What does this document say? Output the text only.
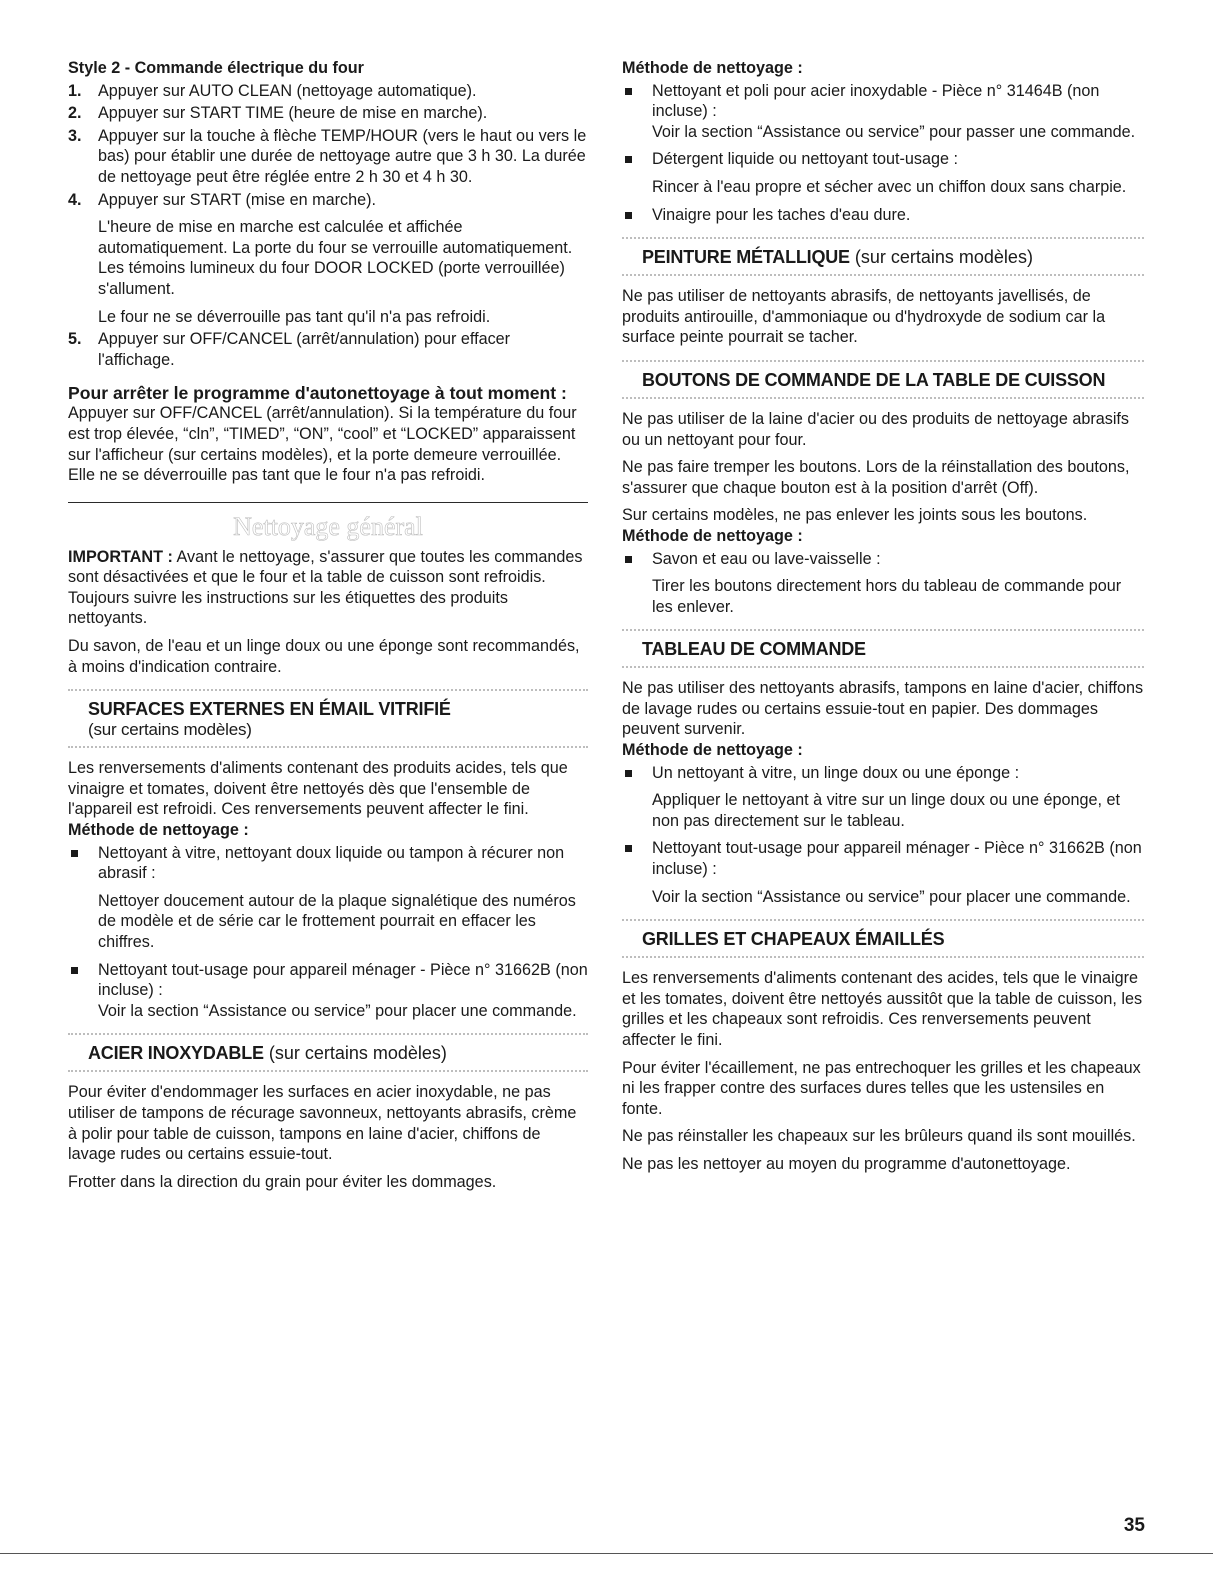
Style 2 - Commande électrique du four
1. Appuyer sur AUTO CLEAN (nettoyage automatique).

2. Appuyer sur START TIME (heure de mise en marche).

3. Appuyer sur la touche à flèche TEMP/HOUR (vers le haut ou vers le bas) pour établir une durée de nettoyage autre que 3 h 30. La durée de nettoyage peut être réglée entre 2 h 30 et 4 h 30.

4. Appuyer sur START (mise en marche).

L'heure de mise en marche est calculée et affichée automatiquement. La porte du four se verrouille automatiquement. Les témoins lumineux du four DOOR LOCKED (porte verrouillée) s'allument.

Le four ne se déverrouille pas tant qu'il n'a pas refroidi.

5. Appuyer sur OFF/CANCEL (arrêt/annulation) pour effacer l'affichage.

Pour arrêter le programme d'autonettoyage à tout moment :

Appuyer sur OFF/CANCEL (arrêt/annulation). Si la température du four est trop élevée, “cln”, “TIMED”, “ON”, “cool” et “LOCKED” apparaissent sur l'afficheur (sur certains modèles), et la porte demeure verrouillée. Elle ne se déverrouille pas tant que le four n'a pas refroidi.

Nettoyage général

IMPORTANT : Avant le nettoyage, s'assurer que toutes les commandes sont désactivées et que le four et la table de cuisson sont refroidis. Toujours suivre les instructions sur les étiquettes des produits nettoyants.

Du savon, de l'eau et un linge doux ou une éponge sont recommandés, à moins d'indication contraire.

SURFACES EXTERNES EN ÉMAIL VITRIFIÉ
(sur certains modèles)

Les renversements d'aliments contenant des produits acides, tels que vinaigre et tomates, doivent être nettoyés dès que l'ensemble de l'appareil est refroidi. Ces renversements peuvent affecter le fini.

Méthode de nettoyage :

Nettoyant à vitre, nettoyant doux liquide ou tampon à récurer non abrasif :

Nettoyer doucement autour de la plaque signalétique des numéros de modèle et de série car le frottement pourrait en effacer les chiffres.

Nettoyant tout-usage pour appareil ménager - Pièce n° 31662B (non incluse) :

Voir la section “Assistance ou service” pour placer une commande.

ACIER INOXYDABLE (sur certains modèles)

Pour éviter d'endommager les surfaces en acier inoxydable, ne pas utiliser de tampons de récurage savonneux, nettoyants abrasifs, crème à polir pour table de cuisson, tampons en laine d'acier, chiffons de lavage rudes ou certains essuie-tout.

Frotter dans la direction du grain pour éviter les dommages.

Méthode de nettoyage :

Nettoyant et poli pour acier inoxydable - Pièce n° 31464B (non incluse) :

Voir la section “Assistance ou service” pour passer une commande.

Détergent liquide ou nettoyant tout-usage :

Rincer à l'eau propre et sécher avec un chiffon doux sans charpie.

Vinaigre pour les taches d'eau dure.

PEINTURE MÉTALLIQUE (sur certains modèles)

Ne pas utiliser de nettoyants abrasifs, de nettoyants javellisés, de produits antirouille, d'ammoniaque ou d'hydroxyde de sodium car la surface peinte pourrait se tacher.

BOUTONS DE COMMANDE DE LA TABLE DE CUISSON

Ne pas utiliser de la laine d'acier ou des produits de nettoyage abrasifs ou un nettoyant pour four.

Ne pas faire tremper les boutons. Lors de la réinstallation des boutons, s'assurer que chaque bouton est à la position d'arrêt (Off).

Sur certains modèles, ne pas enlever les joints sous les boutons.

Méthode de nettoyage :

Savon et eau ou lave-vaisselle :

Tirer les boutons directement hors du tableau de commande pour les enlever.

TABLEAU DE COMMANDE

Ne pas utiliser des nettoyants abrasifs, tampons en laine d'acier, chiffons de lavage rudes ou certains essuie-tout en papier. Des dommages peuvent survenir.

Méthode de nettoyage :

Un nettoyant à vitre, un linge doux ou une éponge :

Appliquer le nettoyant à vitre sur un linge doux ou une éponge, et non pas directement sur le tableau.

Nettoyant tout-usage pour appareil ménager - Pièce n° 31662B (non incluse) :

Voir la section “Assistance ou service” pour placer une commande.

GRILLES ET CHAPEAUX ÉMAILLÉS

Les renversements d'aliments contenant des acides, tels que le vinaigre et les tomates, doivent être nettoyés aussitôt que la table de cuisson, les grilles et les chapeaux sont refroidis. Ces renversements peuvent affecter le fini.

Pour éviter l'écaillement, ne pas entrechoquer les grilles et les chapeaux ni les frapper contre des surfaces dures telles que les ustensiles en fonte.

Ne pas réinstaller les chapeaux sur les brûleurs quand ils sont mouillés.

Ne pas les nettoyer au moyen du programme d'autonettoyage.

35
